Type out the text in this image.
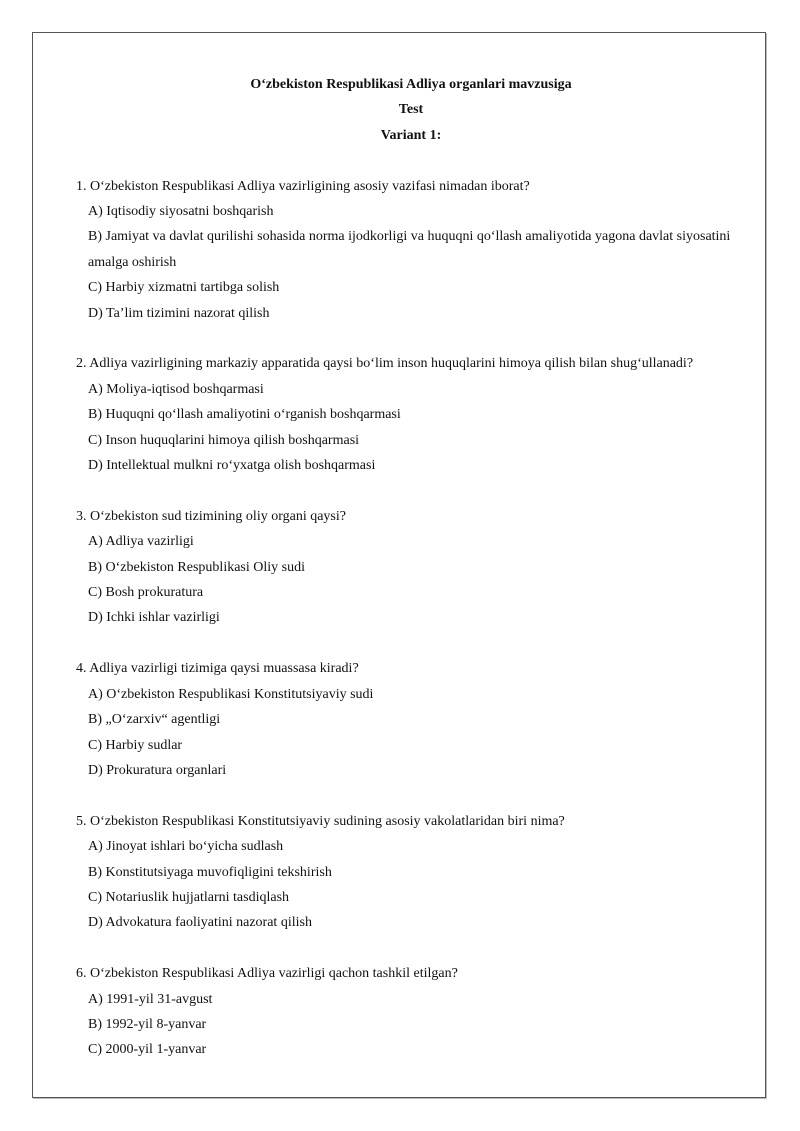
O‘zbekiston Respublikasi Adliya organlari mavzusiga
Test
Variant 1:
1. O‘zbekiston Respublikasi Adliya vazirligining asosiy vazifasi nimadan iborat?
A) Iqtisodiy siyosatni boshqarish
B) Jamiyat va davlat qurilishi sohasida norma ijodkorligi va huquqni qo‘llash amaliyotida yagona davlat siyosatini amalga oshirish
C) Harbiy xizmatni tartibga solish
D) Ta’lim tizimini nazorat qilish
2. Adliya vazirligining markaziy apparatida qaysi bo‘lim inson huquqlarini himoya qilish bilan shug‘ullanadi?
A) Moliya-iqtisod boshqarmasi
B) Huquqni qo‘llash amaliyotini o‘rganish boshqarmasi
C) Inson huquqlarini himoya qilish boshqarmasi
D) Intellektual mulkni ro‘yxatga olish boshqarmasi
3. O‘zbekiston sud tizimining oliy organi qaysi?
A) Adliya vazirligi
B) O‘zbekiston Respublikasi Oliy sudi
C) Bosh prokuratura
D) Ichki ishlar vazirligi
4. Adliya vazirligi tizimiga qaysi muassasa kiradi?
A) O‘zbekiston Respublikasi Konstitutsiyaviy sudi
B) „O‘zarxiv“ agentligi
C) Harbiy sudlar
D) Prokuratura organlari
5. O‘zbekiston Respublikasi Konstitutsiyaviy sudining asosiy vakolatlaridan biri nima?
A) Jinoyat ishlari bo‘yicha sudlash
B) Konstitutsiyaga muvofiqligini tekshirish
C) Notariuslik hujjatlarni tasdiqlash
D) Advokatura faoliyatini nazorat qilish
6. O‘zbekiston Respublikasi Adliya vazirligi qachon tashkil etilgan?
A) 1991-yil 31-avgust
B) 1992-yil 8-yanvar
C) 2000-yil 1-yanvar
